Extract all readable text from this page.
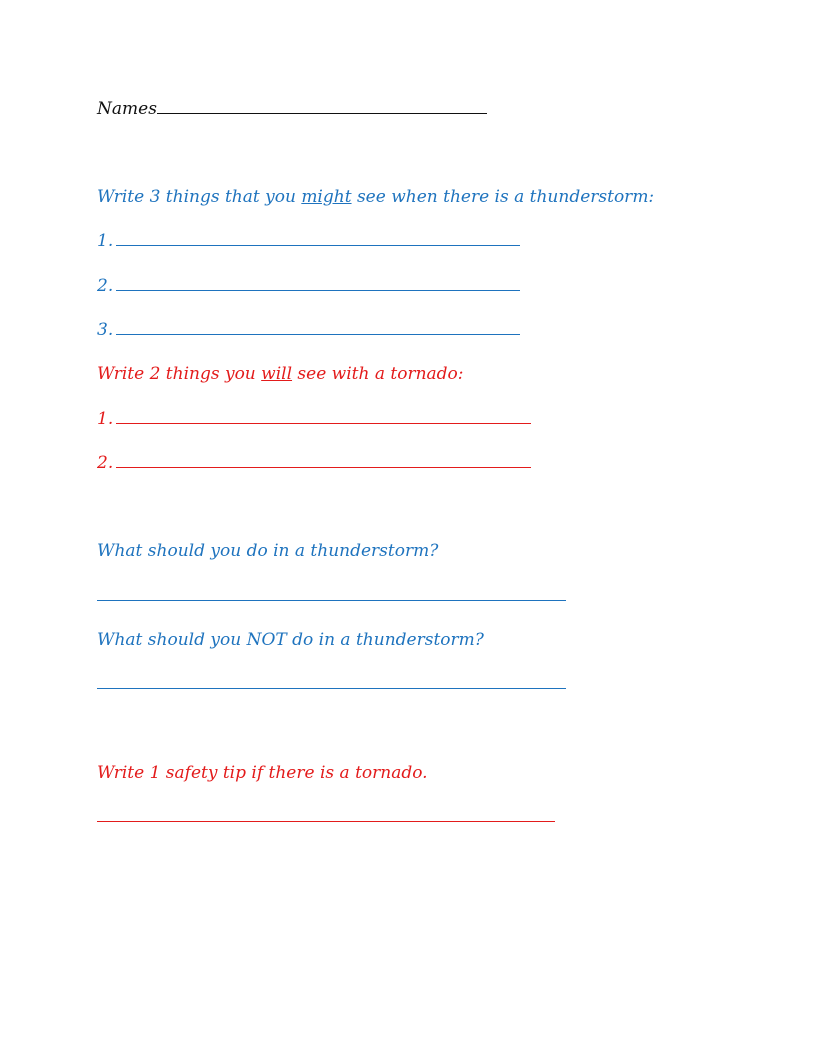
Names
Write 3 things that you might see when there is a thunderstorm:
1.
2.
3.
Write 2 things you will see with a tornado:
1.
2.
What should you do in a thunderstorm?
What should you NOT do in a thunderstorm?
Write 1 safety tip if there is a tornado.
